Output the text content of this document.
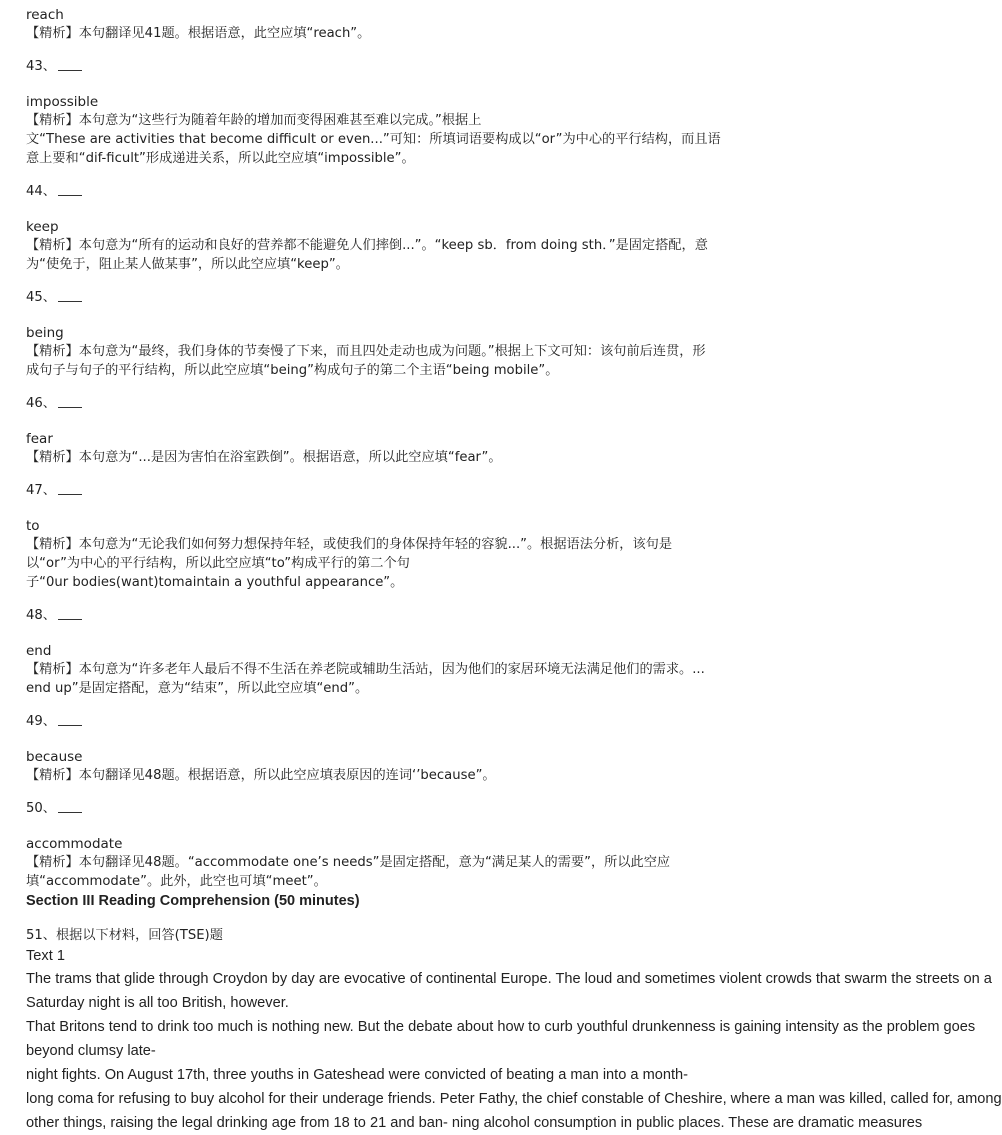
reach
【精析】本句翻译见41题。根据语意，此空应填“reach”。
43、
impossible
【精析】本句意为“这些行为随着年龄的增加而变得困难甚至难以完成。”根据上
文“These are activities that become difficult or even...”可知：所填词语要构成以“or”为中心的平行结构，而且语
意上要和“dif-ficult”形成递进关系，所以此空应填“impossible”。
44、
keep
【精析】本句意为“所有的运动和良好的营养都不能避免人们摔倒...”。“keep sb．from doing sth．”是固定搭配，意
为“使免于，阻止某人做某事”，所以此空应填“keep”。
45、
being
【精析】本句意为“最终，我们身体的节奏慢了下来，而且四处走动也成为问题。”根据上下文可知：该句前后连贯，形
成句子与句子的平行结构，所以此空应填“being”构成句子的第二个主语“being mobile”。
46、
fear
【精析】本句意为“...是因为害怕在浴室跌倒”。根据语意，所以此空应填“fear”。
47、
to
【精析】本句意为“无论我们如何努力想保持年轻，或使我们的身体保持年轻的容貌...”。根据语法分析，该句是
以“or”为中心的平行结构，所以此空应填“to”构成平行的第二个句
子“0ur bodies(want)tomaintain a youthful appearance”。
48、
end
【精析】本句意为“许多老年人最后不得不生活在养老院或辅助生活站，因为他们的家居环境无法满足他们的需求。...
end up”是固定搭配，意为“结束”，所以此空应填“end”。
49、
because
【精析】本句翻译见48题。根据语意，所以此空应填表原因的连词‘’because”。
50、
accommodate
【精析】本句翻译见48题。“accommodate one’s needs”是固定搭配，意为“满足某人的需要”，所以此空应
填“accommodate”。此外，此空也可填“meet”。
Section III Reading Comprehension (50 minutes)
51、根据以下材料，回答(TSE)题
Text 1
The trams that glide through Croydon by day are evocative of continental Europe. The loud and sometimes violent crowds that swarm the streets on a
Saturday night is all too British, however.
That Britons tend to drink too much is nothing new. But the debate about how to curb youthful drunkenness is gaining intensity as the problem goes
beyond clumsy late-
night fights. On August 17th, three youths in Gateshead were convicted of beating a man into a month-
long coma for refusing to buy alcohol for their underage friends. Peter Fathy, the chief constable of Cheshire, where a man was killed, called for, among
other things, raising the legal drinking age from 18 to 21 and ban- ning alcohol consumption in public places. These are dramatic measures
